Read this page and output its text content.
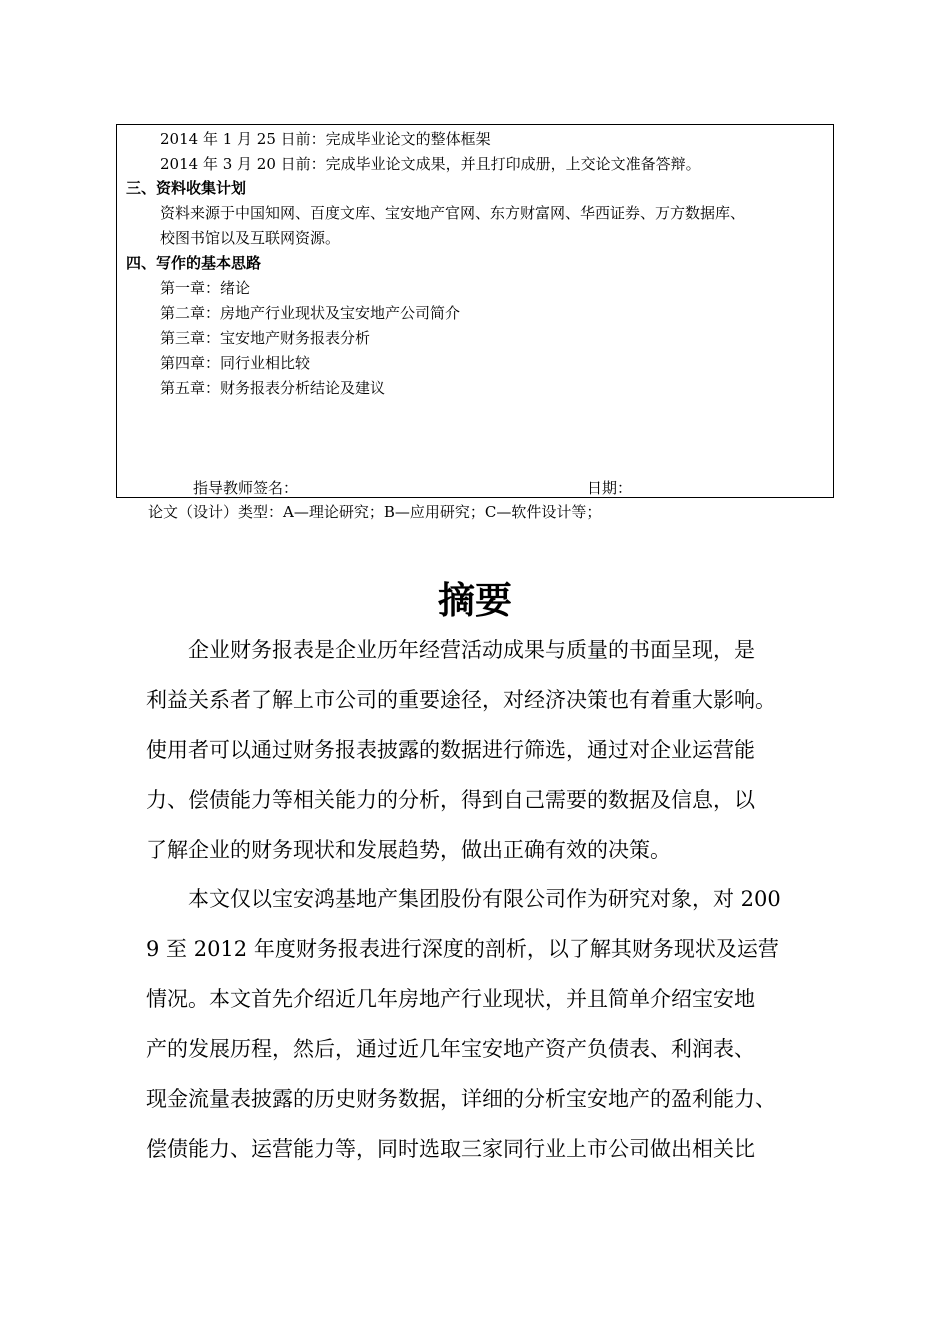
2014 年 1 月 25 日前：完成毕业论文的整体框架
2014 年 3 月 20 日前：完成毕业论文成果，并且打印成册，上交论文准备答辩。
三、资料收集计划
资料来源于中国知网、百度文库、宝安地产官网、东方财富网、华西证券、万方数据库、
校图书馆以及互联网资源。
四、写作的基本思路
第一章：绪论
第二章：房地产行业现状及宝安地产公司简介
第三章：宝安地产财务报表分析
第四章：同行业相比较
第五章：财务报表分析结论及建议
指导教师签名：	日期：
论文（设计）类型：A—理论研究；B—应用研究；C—软件设计等；
摘要
企业财务报表是企业历年经营活动成果与质量的书面呈现，是
利益关系者了解上市公司的重要途径，对经济决策也有着重大影响。
使用者可以通过财务报表披露的数据进行筛选，通过对企业运营能
力、偿债能力等相关能力的分析，得到自己需要的数据及信息，以
了解企业的财务现状和发展趋势，做出正确有效的决策。
本文仅以宝安鸿基地产集团股份有限公司作为研究对象，对 200
9 至 2012 年度财务报表进行深度的剖析，以了解其财务现状及运营
情况。本文首先介绍近几年房地产行业现状，并且简单介绍宝安地
产的发展历程，然后，通过近几年宝安地产资产负债表、利润表、
现金流量表披露的历史财务数据，详细的分析宝安地产的盈利能力、
偿债能力、运营能力等，同时选取三家同行业上市公司做出相关比
